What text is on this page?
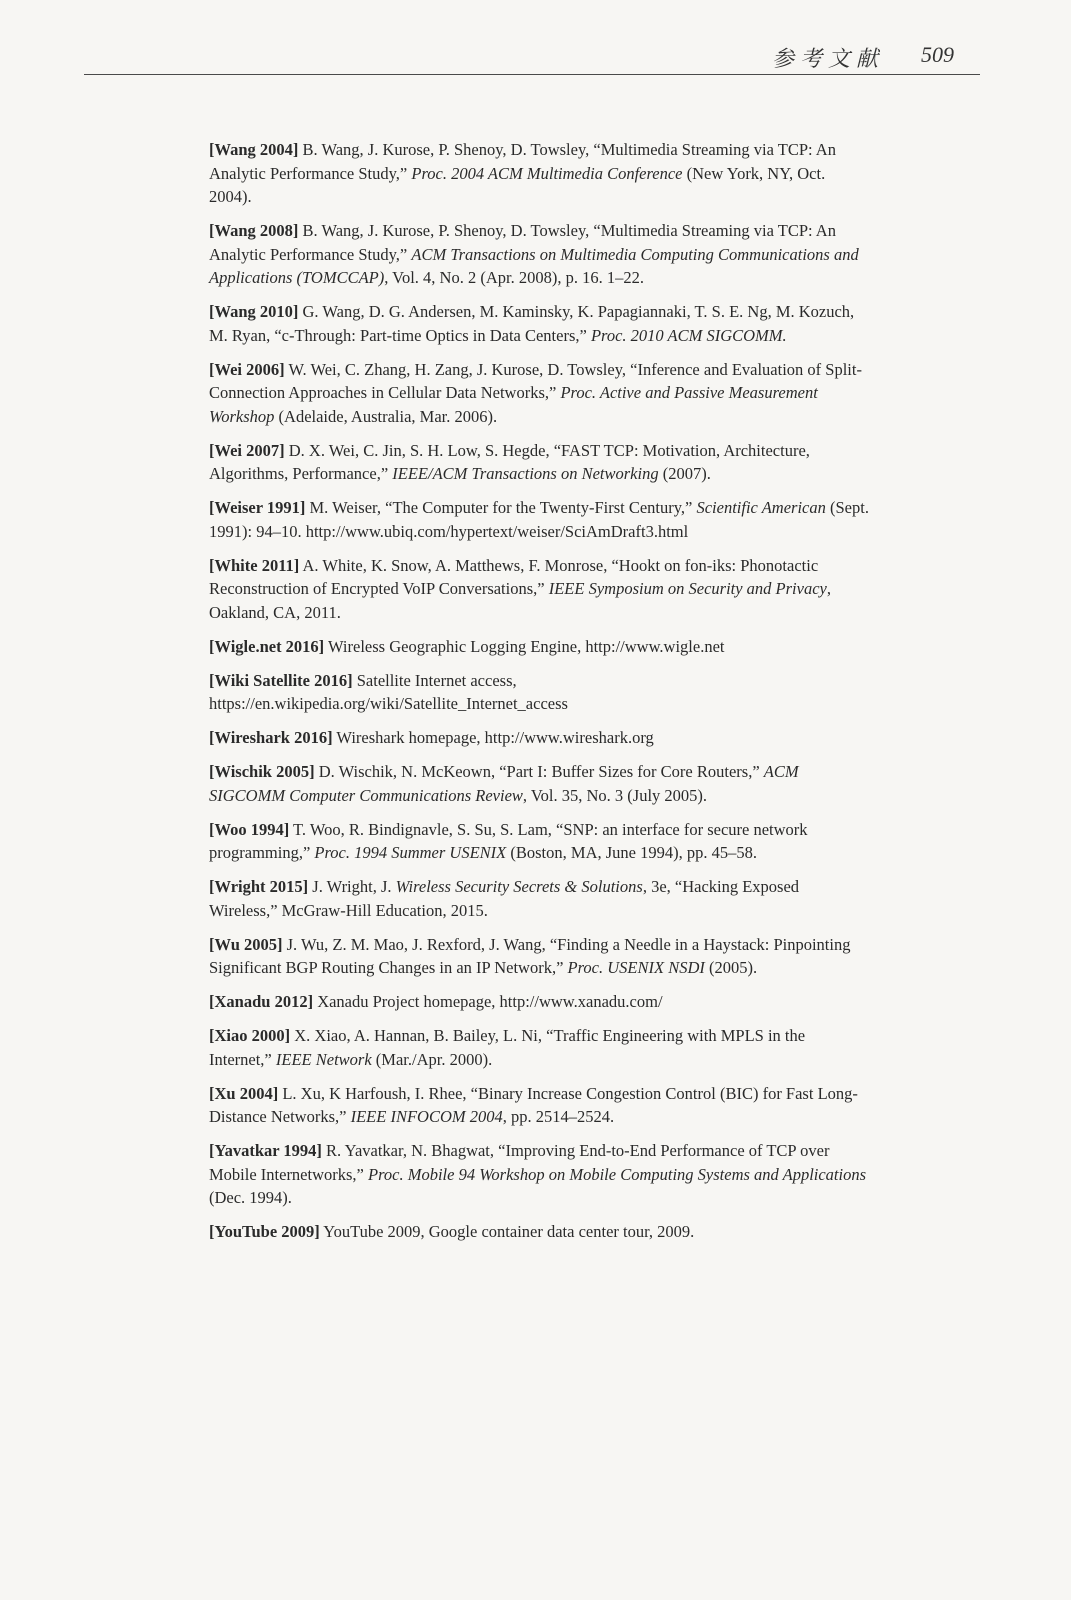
参考文献 509

[Wang 2004] B. Wang, J. Kurose, P. Shenoy, D. Towsley, “Multimedia Streaming via TCP: An Analytic Performance Study,” Proc. 2004 ACM Multimedia Conference (New York, NY, Oct. 2004).

[Wang 2008] B. Wang, J. Kurose, P. Shenoy, D. Towsley, “Multimedia Streaming via TCP: An Analytic Performance Study,” ACM Transactions on Multimedia Computing Communications and Applications (TOMCCAP), Vol. 4, No. 2 (Apr. 2008), p. 16. 1–22.

[Wang 2010] G. Wang, D. G. Andersen, M. Kaminsky, K. Papagiannaki, T. S. E. Ng, M. Kozuch, M. Ryan, “c-Through: Part-time Optics in Data Centers,” Proc. 2010 ACM SIGCOMM.

[Wei 2006] W. Wei, C. Zhang, H. Zang, J. Kurose, D. Towsley, “Inference and Evaluation of Split-Connection Approaches in Cellular Data Networks,” Proc. Active and Passive Measurement Workshop (Adelaide, Australia, Mar. 2006).

[Wei 2007] D. X. Wei, C. Jin, S. H. Low, S. Hegde, “FAST TCP: Motivation, Architecture, Algorithms, Performance,” IEEE/ACM Transactions on Networking (2007).

[Weiser 1991] M. Weiser, “The Computer for the Twenty-First Century,” Scientific American (Sept. 1991): 94–10. http://www.ubiq.com/hypertext/weiser/SciAmDraft3.html

[White 2011] A. White, K. Snow, A. Matthews, F. Monrose, “Hookt on fon-iks: Phonotactic Reconstruction of Encrypted VoIP Conversations,” IEEE Symposium on Security and Privacy, Oakland, CA, 2011.

[Wigle.net 2016] Wireless Geographic Logging Engine, http://www.wigle.net

[Wiki Satellite 2016] Satellite Internet access, https://en.wikipedia.org/wiki/Satellite_Internet_access

[Wireshark 2016] Wireshark homepage, http://www.wireshark.org

[Wischik 2005] D. Wischik, N. McKeown, “Part I: Buffer Sizes for Core Routers,” ACM SIGCOMM Computer Communications Review, Vol. 35, No. 3 (July 2005).

[Woo 1994] T. Woo, R. Bindignavle, S. Su, S. Lam, “SNP: an interface for secure network programming,” Proc. 1994 Summer USENIX (Boston, MA, June 1994), pp. 45–58.

[Wright 2015] J. Wright, J. Wireless Security Secrets & Solutions, 3e, “Hacking Exposed Wireless,” McGraw-Hill Education, 2015.

[Wu 2005] J. Wu, Z. M. Mao, J. Rexford, J. Wang, “Finding a Needle in a Haystack: Pinpointing Significant BGP Routing Changes in an IP Network,” Proc. USENIX NSDI (2005).

[Xanadu 2012] Xanadu Project homepage, http://www.xanadu.com/

[Xiao 2000] X. Xiao, A. Hannan, B. Bailey, L. Ni, “Traffic Engineering with MPLS in the Internet,” IEEE Network (Mar./Apr. 2000).

[Xu 2004] L. Xu, K Harfoush, I. Rhee, “Binary Increase Congestion Control (BIC) for Fast Long-Distance Networks,” IEEE INFOCOM 2004, pp. 2514–2524.

[Yavatkar 1994] R. Yavatkar, N. Bhagwat, “Improving End-to-End Performance of TCP over Mobile Internetworks,” Proc. Mobile 94 Workshop on Mobile Computing Systems and Applications (Dec. 1994).

[YouTube 2009] YouTube 2009, Google container data center tour, 2009.
